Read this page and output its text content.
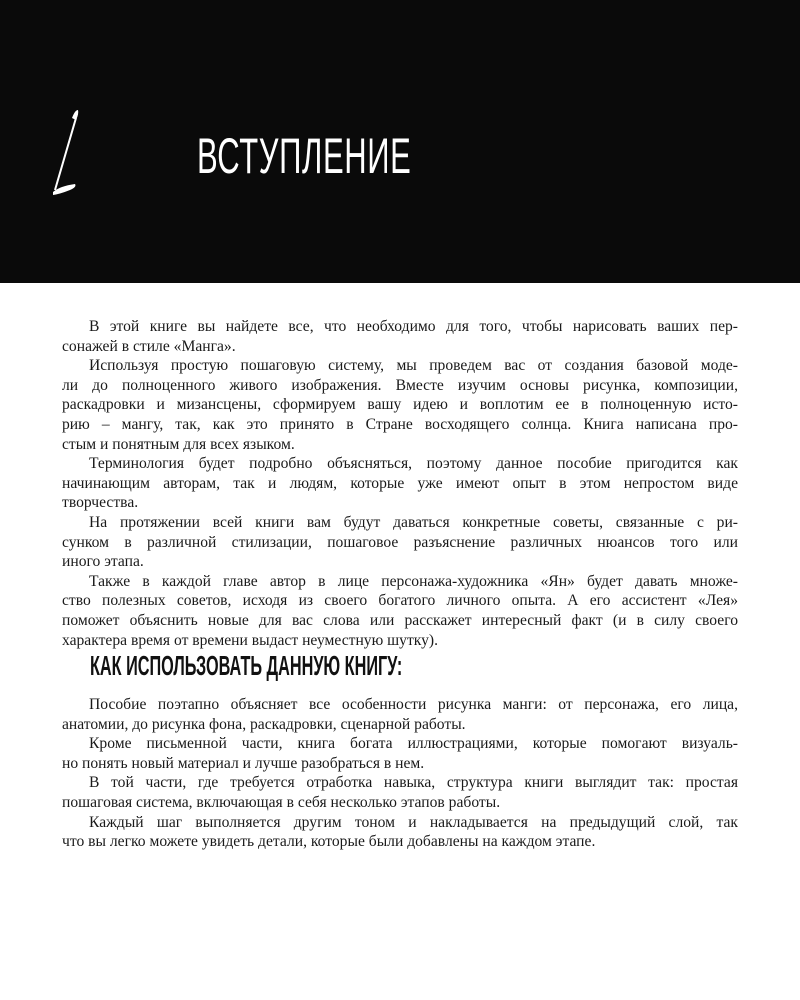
ВСТУПЛЕНИЕ
В этой книге вы найдете все, что необходимо для того, чтобы нарисовать ваших пер-
сонажей в стиле «Манга».
Используя простую пошаговую систему, мы проведем вас от создания базовой моде-
ли до полноценного живого изображения. Вместе изучим основы рисунка, композиции,
раскадровки и мизансцены, сформируем вашу идею и воплотим ее в полноценную исто-
рию – мангу, так, как это принято в Стране восходящего солнца. Книга написана про-
стым и понятным для всех языком.
Терминология будет подробно объясняться, поэтому данное пособие пригодится как
начинающим авторам, так и людям, которые уже имеют опыт в этом непростом виде
творчества.
На протяжении всей книги вам будут даваться конкретные советы, связанные с ри-
сунком в различной стилизации, пошаговое разъяснение различных нюансов того или
иного этапа.
Также в каждой главе автор в лице персонажа-художника «Ян» будет давать множе-
ство полезных советов, исходя из своего богатого личного опыта. А его ассистент «Лея»
поможет объяснить новые для вас слова или расскажет интересный факт (и в силу своего
характера время от времени выдаст неуместную шутку).
КАК ИСПОЛЬЗОВАТЬ ДАННУЮ КНИГУ:
Пособие поэтапно объясняет все особенности рисунка манги: от персонажа, его лица,
анатомии, до рисунка фона, раскадровки, сценарной работы.
Кроме письменной части, книга богата иллюстрациями, которые помогают визуаль-
но понять новый материал и лучше разобраться в нем.
В той части, где требуется отработка навыка, структура книги выглядит так: простая
пошаговая система, включающая в себя несколько этапов работы.
Каждый шаг выполняется другим тоном и накладывается на предыдущий слой, так
что вы легко можете увидеть детали, которые были добавлены на каждом этапе.
